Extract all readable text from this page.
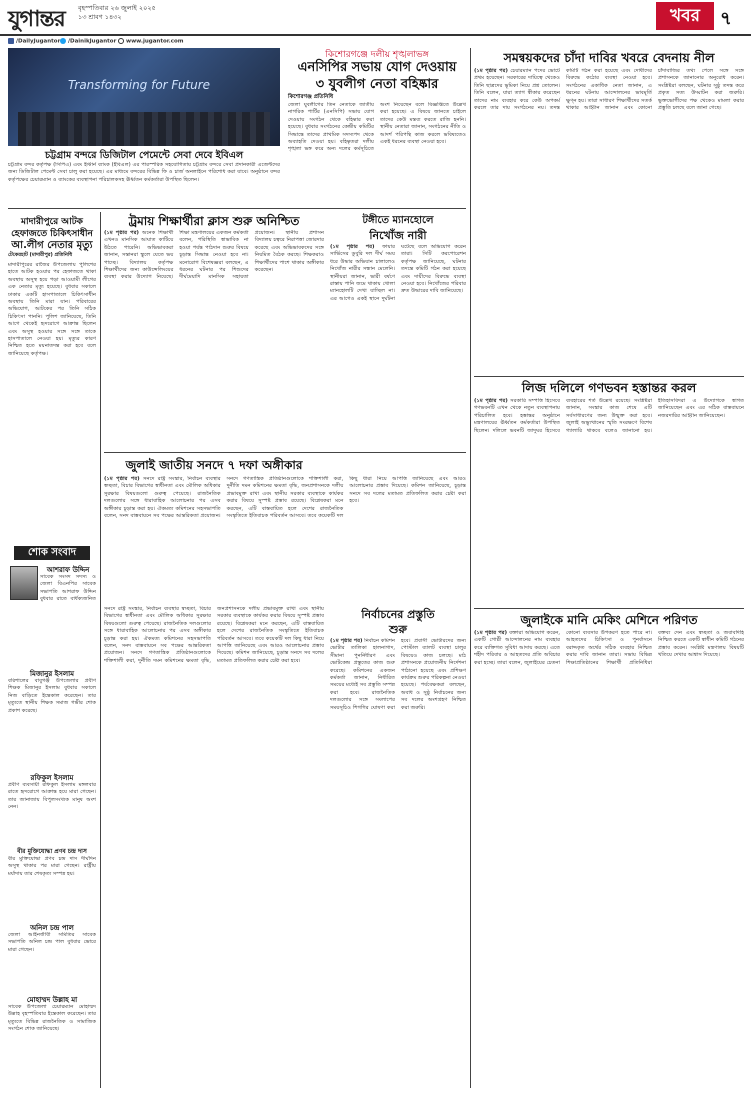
যুগান্তর বৃহস্পতিবার ২৬ জুলাই ২০২৫
১৩ শ্রাবণ ১৪৩২	খবর	৭
/DailyJugantor	/DainikJugantor	www.jugantor.com
Transforming for Future
চট্টগ্রাম বন্দরে ডিজিটাল পেমেন্টে সেবা দেবে ইবিএল
চট্টগ্রাম বন্দর কর্তৃপক্ষ (সিপিএ) এবং ইস্টার্ন ব্যাংক (ইবিএল) এর পারস্পরিক সহযোগিতায় চট্টগ্রাম বন্দরে সেবা প্রদানকারী এজেন্টদের জন্য ডিজিটাল পেমেন্ট সেবা চালু করা হয়েছে। এর মাধ্যমে বন্দরের বিভিন্ন ফি ও চার্জ অনলাইনে পরিশোধ করা যাবে। অনুষ্ঠানে বন্দর কর্তৃপক্ষের চেয়ারম্যান ও ব্যাংকের ব্যবস্থাপনা পরিচালকসহ ঊর্ধ্বতন কর্মকর্তারা উপস্থিত ছিলেন।
কিশোরগঞ্জে দলীয় শৃঙ্খলাভঙ্গ
এনসিপির সভায় যোগ দেওয়ায়
৩ যুবলীগ নেতা বহিষ্কার
কিশোরগঞ্জ প্রতিনিধি
জেলা যুবলীগের তিন নেতাকে জাতীয় নাগরিক পার্টির (এনসিপি) সভায় যোগ দেওয়ায় সংগঠন থেকে বহিষ্কার করা হয়েছে। বুধবার সংগঠনের কেন্দ্রীয় কমিটির সিদ্ধান্তে তাদের প্রাথমিক সদস্যপদ থেকে অব্যাহতি দেওয়া হয়। বহিষ্কৃতরা দলীয় শৃঙ্খলা ভঙ্গ করে অন্য দলের কর্মসূচিতে অংশ নিয়েছেন বলে বিজ্ঞপ্তিতে উল্লেখ করা হয়েছে। এ বিষয়ে জানতে চাইলে তাদের কেউ মন্তব্য করতে রাজি হননি। স্থানীয় নেতারা জানান, সংগঠনের নীতি ও আদর্শ পরিপন্থি কাজ করলে ভবিষ্যতেও একই ধরনের ব্যবস্থা নেওয়া হবে।
সমন্বয়কদের চাঁদা দাবির খবরে বেদনায় নীল
(১ম পৃষ্ঠার পর) চেয়ারম্যান পদের ভোটে প্রথম হয়েছেন। সরকারের দায়িত্বে থেকেও তিনি ছাত্রদের ভূমিকা নিয়ে প্রশ্ন তোলেন। তিনি বলেন, যারা ত্যাগ স্বীকার করেছেন তাদের নাম ব্যবহার করে কেউ অপকর্ম করলে তার দায় সংগঠনের নয়। তদন্ত কমিটি গঠন করা হয়েছে এবং দোষীদের বিরুদ্ধে কঠোর ব্যবস্থা নেওয়া হবে। সংগঠনের একাধিক নেতা জানান, এ ধরনের ঘটনায় আন্দোলনের ভাবমূর্তি ক্ষুণ্ন হয়। তারা সাধারণ শিক্ষার্থীদের সতর্ক থাকার আহ্বান জানান এবং কোনো চাঁদাবাজির তথ্য পেলে সঙ্গে সঙ্গে প্রশাসনকে জানানোর অনুরোধ করেন। সংশ্লিষ্টরা বলছেন, ঘটনার সুষ্ঠু তদন্ত করে প্রকৃত সত্য উদ্ঘাটন করা জরুরি। ভুক্তভোগীদের পক্ষ থেকেও মামলা করার প্রস্তুতি চলছে বলে জানা গেছে।
মাদারীপুরে আটক
হেফাজতে চিকিৎসাধীন
আ.লীগ নেতার মৃত্যু
টেকেরহাট (মাদারীপুর) প্রতিনিধি
মাদারীপুরের রাজৈর উপজেলায় পুলিশের হাতে আটক হওয়ার পর হেফাজতে থাকা অবস্থায় অসুস্থ হয়ে পড়া আওয়ামী লীগের এক নেতার মৃত্যু হয়েছে। বুধবার সকালে ঢাকার একটি হাসপাতালে চিকিৎসাধীন অবস্থায় তিনি মারা যান। পরিবারের অভিযোগ, আটকের পর তিনি সঠিক চিকিৎসা পাননি। পুলিশ জানিয়েছে, তিনি আগে থেকেই হৃদরোগে আক্রান্ত ছিলেন এবং অসুস্থ হওয়ার সঙ্গে সঙ্গে তাকে হাসপাতালে নেওয়া হয়। মৃত্যুর কারণ নিশ্চিত হতে ময়নাতদন্ত করা হবে বলে জানিয়েছে কর্তৃপক্ষ।
শোক সংবাদ
আশরাফ উদ্দিন
সাবেক সংসদ সদস্য ও জেলা বিএনপির সাবেক সভাপতি আশরাফ উদ্দিন বুধবার রাতে বার্ধক্যজনিত
মিজানুর ইসলাম
বরিশালের বাবুগঞ্জ উপজেলার প্রবীণ শিক্ষক মিজানুর ইসলাম বুধবার সকালে নিজ বাড়িতে ইন্তেকাল করেছেন। তার মৃত্যুতে স্থানীয় শিক্ষক সমাজ গভীর শোক প্রকাশ করেছে।
রফিকুল ইসলাম
প্রবীণ ব্যবসায়ী রফিকুল ইসলাম মঙ্গলবার রাতে হৃদরোগে আক্রান্ত হয়ে মারা গেছেন। তার জানাজায় বিপুলসংখ্যক মানুষ অংশ নেন।
বীর মুক্তিযোদ্ধা প্রণব চন্দ্র দাস
বীর মুক্তিযোদ্ধা প্রণব চন্দ্র দাস দীর্ঘদিন অসুস্থ থাকার পর মারা গেছেন। রাষ্ট্রীয় মর্যাদায় তার শেষকৃত্য সম্পন্ন হয়।
অনিল চন্দ্র পাল
জেলা আইনজীবী সমিতির সাবেক সভাপতি অনিল চন্দ্র পাল বুধবার ভোরে মারা গেছেন।
মোহাম্মদ উল্লাহ মা
সাবেক উপজেলা চেয়ারম্যান মোহাম্মদ উল্লাহ বৃহস্পতিবার ইন্তেকাল করেছেন। তার মৃত্যুতে বিভিন্ন রাজনৈতিক ও সামাজিক সংগঠন শোক জানিয়েছে।
ট্রমায় শিক্ষার্থীরা ক্লাস শুরু অনিশ্চিত
(১ম পৃষ্ঠার পর) অনেক শিক্ষার্থী এখনও মানসিক আঘাত কাটিয়ে উঠতে পারেনি। অভিভাবকরা জানান, সন্তানরা স্কুলে যেতে ভয় পাচ্ছে। বিদ্যালয় কর্তৃপক্ষ শিক্ষার্থীদের জন্য কাউন্সেলিংয়ের ব্যবস্থা করার উদ্যোগ নিয়েছে। শিক্ষা মন্ত্রণালয়ের একজন কর্মকর্তা বলেন, পরিস্থিতি স্বাভাবিক না হওয়া পর্যন্ত পাঠদান শুরুর বিষয়ে চূড়ান্ত সিদ্ধান্ত নেওয়া হবে না। মনোরোগ বিশেষজ্ঞরা বলছেন, এ ধরনের ঘটনার পর শিশুদের দীর্ঘমেয়াদি মানসিক সহায়তা প্রয়োজন। স্থানীয় প্রশাসন বিদ্যালয় চত্বরে নিরাপত্তা জোরদার করেছে এবং অভিভাবকদের সঙ্গে নিয়মিত বৈঠক করছে। শিক্ষকরাও শিক্ষার্থীদের পাশে থাকার অঙ্গীকার করেছেন।
টঙ্গীতে ম্যানহোলে
নিখোঁজ নারী
(১ম পৃষ্ঠার পর) ফায়ার সার্ভিসের ডুবুরি দল দীর্ঘ সময় ধরে উদ্ধার অভিযান চালালেও নিখোঁজ নারীর সন্ধান মেলেনি। স্থানীয়রা জানান, ভারী বর্ষণে রাস্তায় পানি জমে থাকায় খোলা ম্যানহোলটি দেখা যাচ্ছিল না। এর আগেও একই স্থানে দুর্ঘটনা ঘটেছে বলে অভিযোগ করেন তারা। সিটি করপোরেশন কর্তৃপক্ষ জানিয়েছে, ঘটনার তদন্তে কমিটি গঠন করা হয়েছে এবং দায়ীদের বিরুদ্ধে ব্যবস্থা নেওয়া হবে। নিখোঁজের পরিবার দ্রুত উদ্ধারের দাবি জানিয়েছে।
জুলাই জাতীয় সনদে ৭ দফা অঙ্গীকার
(১ম পৃষ্ঠার পর) সনদে রাষ্ট্র সংস্কার, নির্বাচন ব্যবস্থার স্বচ্ছতা, বিচার বিভাগের স্বাধীনতা এবং মৌলিক অধিকার সুরক্ষার বিষয়গুলো গুরুত্ব পেয়েছে। রাজনৈতিক দলগুলোর সঙ্গে ধারাবাহিক আলোচনার পর এসব অঙ্গীকার চূড়ান্ত করা হয়। ঐকমত্য কমিশনের সহসভাপতি বলেন, সনদ বাস্তবায়নে সব পক্ষের আন্তরিকতা প্রয়োজন। সনদে গণতান্ত্রিক প্রতিষ্ঠানগুলোকে শক্তিশালী করা, দুর্নীতি দমন কমিশনের ক্ষমতা বৃদ্ধি, জনপ্রশাসনকে দলীয় প্রভাবমুক্ত রাখা এবং স্থানীয় সরকার ব্যবস্থাকে কার্যকর করার বিষয়ে সুস্পষ্ট প্রস্তাব রয়েছে। বিশ্লেষকরা মনে করছেন, এটি বাস্তবায়িত হলে দেশের রাজনৈতিক সংস্কৃতিতে ইতিবাচক পরিবর্তন আসবে। তবে কয়েকটি দল কিছু ধারা নিয়ে আপত্তি জানিয়েছে এবং আরও আলোচনার প্রস্তাব দিয়েছে। কমিশন জানিয়েছে, চূড়ান্ত সনদে সব দলের মতামত প্রতিফলিত করার চেষ্টা করা হবে।
সনদে রাষ্ট্র সংস্কার, নির্বাচন ব্যবস্থার স্বচ্ছতা, বিচার বিভাগের স্বাধীনতা এবং মৌলিক অধিকার সুরক্ষার বিষয়গুলো গুরুত্ব পেয়েছে। রাজনৈতিক দলগুলোর সঙ্গে ধারাবাহিক আলোচনার পর এসব অঙ্গীকার চূড়ান্ত করা হয়। ঐকমত্য কমিশনের সহসভাপতি বলেন, সনদ বাস্তবায়নে সব পক্ষের আন্তরিকতা প্রয়োজন। সনদে গণতান্ত্রিক প্রতিষ্ঠানগুলোকে শক্তিশালী করা, দুর্নীতি দমন কমিশনের ক্ষমতা বৃদ্ধি, জনপ্রশাসনকে দলীয় প্রভাবমুক্ত রাখা এবং স্থানীয় সরকার ব্যবস্থাকে কার্যকর করার বিষয়ে সুস্পষ্ট প্রস্তাব রয়েছে। বিশ্লেষকরা মনে করছেন, এটি বাস্তবায়িত হলে দেশের রাজনৈতিক সংস্কৃতিতে ইতিবাচক পরিবর্তন আসবে। তবে কয়েকটি দল কিছু ধারা নিয়ে আপত্তি জানিয়েছে এবং আরও আলোচনার প্রস্তাব দিয়েছে। কমিশন জানিয়েছে, চূড়ান্ত সনদে সব দলের মতামত প্রতিফলিত করার চেষ্টা করা হবে।
নির্বাচনের প্রস্তুতি
শুরু
(১ম পৃষ্ঠার পর) নির্বাচন কমিশন ভোটার তালিকা হালনাগাদ, সীমানা পুনর্নির্ধারণ এবং ভোটকেন্দ্র প্রস্তুতের কাজ শুরু করেছে। কমিশনের একজন কর্মকর্তা জানান, নির্ধারিত সময়ের মধ্যেই সব প্রস্তুতি সম্পন্ন করা হবে। রাজনৈতিক দলগুলোর সঙ্গে সংলাপের সময়সূচিও শিগগির ঘোষণা করা হবে। প্রবাসী ভোটারদের জন্য পোস্টাল ব্যালট ব্যবস্থা চালুর বিষয়েও কাজ চলছে। মাঠ প্রশাসনকে প্রয়োজনীয় নির্দেশনা পাঠানো হয়েছে এবং প্রশিক্ষণ কার্যক্রম শুরুর পরিকল্পনা নেওয়া হয়েছে। পর্যবেক্ষকরা বলছেন, অবাধ ও সুষ্ঠু নির্বাচনের জন্য সব দলের অংশগ্রহণ নিশ্চিত করা জরুরি।
লিজ দলিলে গণভবন হস্তান্তর করল
(১ম পৃষ্ঠার পর) সরকারি সম্পত্তি হিসেবে গণভবনটি এখন থেকে নতুন ব্যবস্থাপনায় পরিচালিত হবে। হস্তান্তর অনুষ্ঠানে মন্ত্রণালয়ের ঊর্ধ্বতন কর্মকর্তারা উপস্থিত ছিলেন। দলিলে ভবনটি জাদুঘর হিসেবে ব্যবহারের শর্ত উল্লেখ রয়েছে। সংশ্লিষ্টরা জানান, সংস্কার কাজ শেষে এটি সর্বসাধারণের জন্য উন্মুক্ত করা হবে। জুলাই অভ্যুত্থানের স্মৃতি সংরক্ষণে বিশেষ গ্যালারি থাকবে বলেও জানানো হয়। ইতিহাসবিদরা এ উদ্যোগকে স্বাগত জানিয়েছেন এবং এর সঠিক বাস্তবায়নে নজরদারির আহ্বান জানিয়েছেন।
জুলাইকে মানি মেকিং মেশিনে পরিণত
(১ম পৃষ্ঠার পর) বক্তারা অভিযোগ করেন, একটি গোষ্ঠী আন্দোলনের নাম ব্যবহার করে ব্যক্তিগত সুবিধা আদায় করছে। এতে শহীদ পরিবার ও আহতদের প্রতি অবিচার করা হচ্ছে। তারা বলেন, জুলাইয়ের চেতনা কোনো ব্যবসার উপকরণ হতে পারে না। আহতদের চিকিৎসা ও পুনর্বাসনে বরাদ্দকৃত অর্থের সঠিক ব্যবহার নিশ্চিত করার দাবি জানান তারা। সভায় বিভিন্ন শিক্ষাপ্রতিষ্ঠানের শিক্ষার্থী প্রতিনিধিরা বক্তব্য দেন এবং স্বচ্ছতা ও জবাবদিহি নিশ্চিত করতে একটি স্বাধীন কমিটি গঠনের প্রস্তাব করেন। সংশ্লিষ্ট মন্ত্রণালয় বিষয়টি খতিয়ে দেখার আশ্বাস দিয়েছে।
